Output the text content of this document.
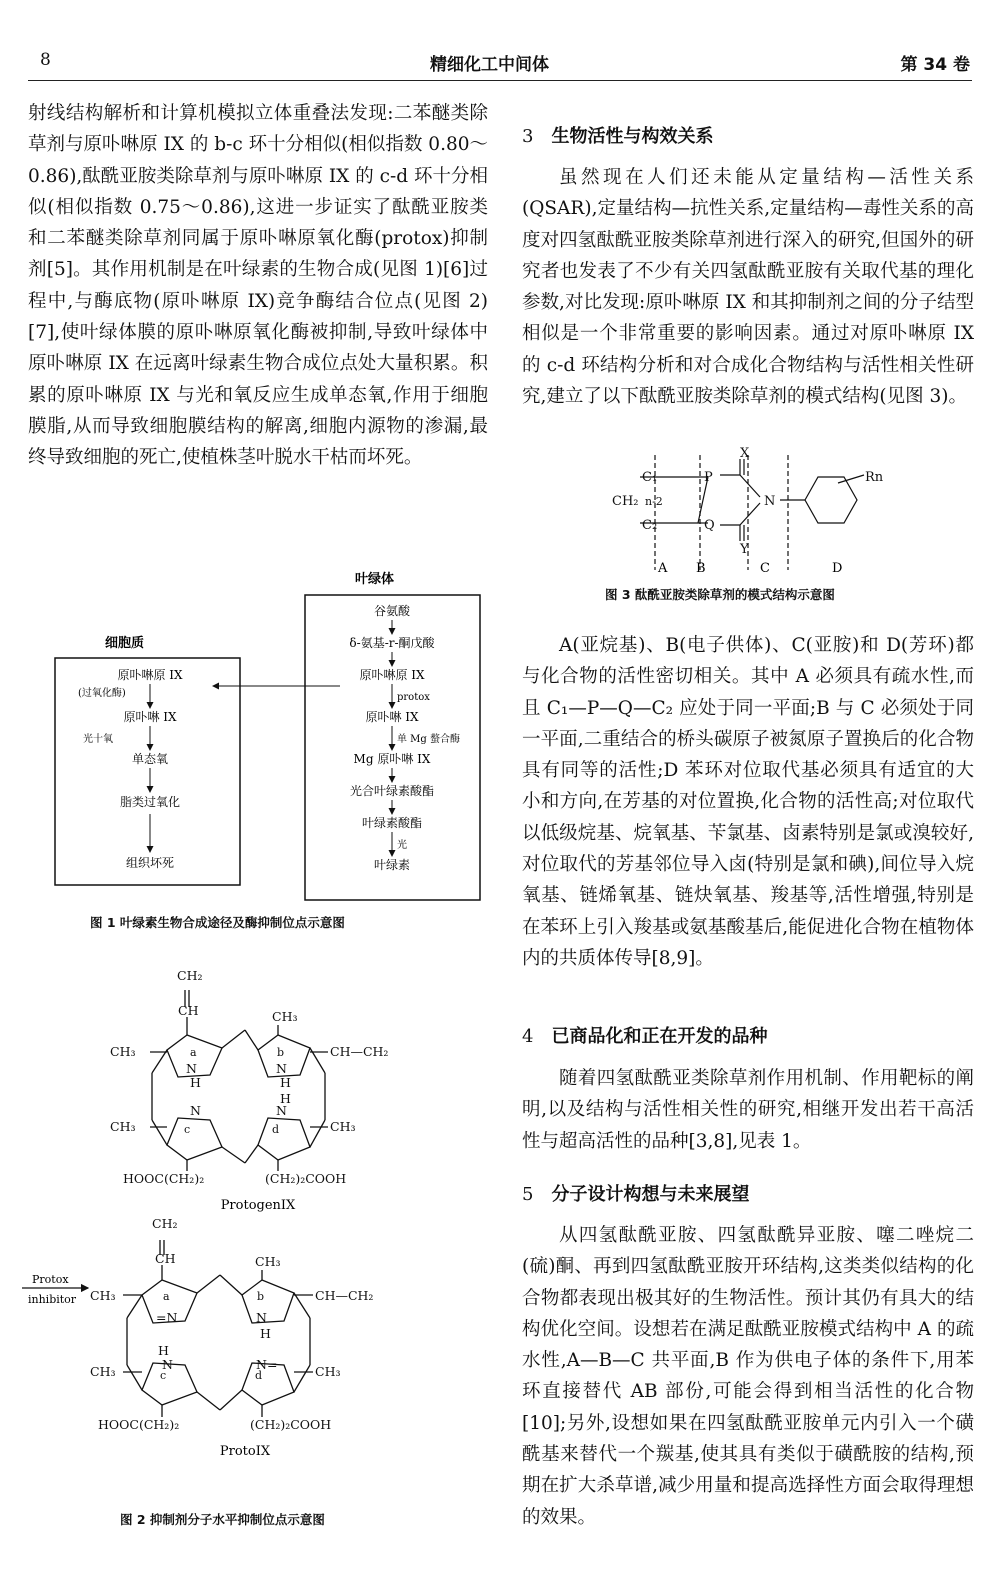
8	精细化工中间体	第 34 卷

射线结构解析和计算机模拟立体重叠法发现:二苯醚类除草剂与原卟啉原 IX 的 b-c 环十分相似(相似指数 0.80～0.86),酞酰亚胺类除草剂与原卟啉原 IX 的 c-d 环十分相似(相似指数 0.75～0.86),这进一步证实了酞酰亚胺类和二苯醚类除草剂同属于原卟啉原氧化酶(protox)抑制剂[5]。其作用机制是在叶绿素的生物合成(见图 1)[6]过程中,与酶底物(原卟啉原 IX)竞争酶结合位点(见图 2)[7],使叶绿体膜的原卟啉原氧化酶被抑制,导致叶绿体中原卟啉原 IX 在远离叶绿素生物合成位点处大量积累。积累的原卟啉原 IX 与光和氧反应生成单态氧,作用于细胞膜脂,从而导致细胞膜结构的解离,细胞内源物的渗漏,最终导致细胞的死亡,使植株茎叶脱水干枯而坏死。

叶绿体
细胞质
谷氨酸
δ-氨基-r-酮戊酸
原卟啉原 IX
protox
原卟啉 IX
单 Mg 螯合酶
Mg 原卟啉 IX
光合叶绿素酸酯
叶绿素酸酯
光
叶绿素
原卟啉原 IX
(过氧化酶)
原卟啉 IX
光十氧
单态氧
脂类过氧化
组织坏死
图 1 叶绿素生物合成途径及酶抑制位点示意图
CH₂
CH	CH₃
CH₃	CH—CH₂
a	b
N
H
N
H
H
N	N
CH₃	CH₃
c	d
HOOC(CH₂)₂	(CH₂)₂COOH
CH₂
CH	CH₃
CH₃	CH—CH₂
a	b
=N	N
H
H
N	N=
CH₃	CH₃
c	d
HOOC(CH₂)₂	(CH₂)₂COOH
ProtogenIX
ProtoIX
Protox
inhibitor
图 2 抑制剂分子水平抑制位点示意图
3 生物活性与构效关系

虽然现在人们还未能从定量结构—活性关系(QSAR),定量结构—抗性关系,定量结构—毒性关系的高度对四氢酞酰亚胺类除草剂进行深入的研究,但国外的研究者也发表了不少有关四氢酞酰亚胺有关取代基的理化参数,对比发现:原卟啉原 IX 和其抑制剂之间的分子结型相似是一个非常重要的影响因素。通过对原卟啉原 IX 的 c-d 环结构分析和对合成化合物结构与活性相关性研究,建立了以下酞酰亚胺类除草剂的模式结构(见图 3)。

X
Y
C₁
CH₂ n-2
C₂
P
Q
N
Rn
A B	C	D
图 3 酞酰亚胺类除草剂的模式结构示意图

A(亚烷基)、B(电子供体)、C(亚胺)和 D(芳环)都与化合物的活性密切相关。其中 A 必须具有疏水性,而且 C₁—P—Q—C₂ 应处于同一平面;B 与 C 必须处于同一平面,二重结合的桥头碳原子被氮原子置换后的化合物具有同等的活性;D 苯环对位取代基必须具有适宜的大小和方向,在芳基的对位置换,化合物的活性高;对位取代以低级烷基、烷氧基、苄氯基、卤素特别是氯或溴较好,对位取代的芳基邻位导入卤(特别是氯和碘),间位导入烷氧基、链烯氧基、链炔氧基、羧基等,活性增强,特别是在苯环上引入羧基或氨基酸基后,能促进化合物在植物体内的共质体传导[8,9]。

4 已商品化和正在开发的品种

随着四氢酞酰亚类除草剂作用机制、作用靶标的阐明,以及结构与活性相关性的研究,相继开发出若干高活性与超高活性的品种[3,8],见表 1。

5 分子设计构想与未来展望

从四氢酞酰亚胺、四氢酞酰异亚胺、噻二唑烷二(硫)酮、再到四氢酞酰亚胺开环结构,这类类似结构的化合物都表现出极其好的生物活性。预计其仍有具大的结构优化空间。设想若在满足酞酰亚胺模式结构中 A 的疏水性,A—B—C 共平面,B 作为供电子体的条件下,用苯环直接替代 AB 部份,可能会得到相当活性的化合物[10];另外,设想如果在四氢酞酰亚胺单元内引入一个磺酰基来替代一个羰基,使其具有类似于磺酰胺的结构,预期在扩大杀草谱,减少用量和提高选择性方面会取得理想的效果。
